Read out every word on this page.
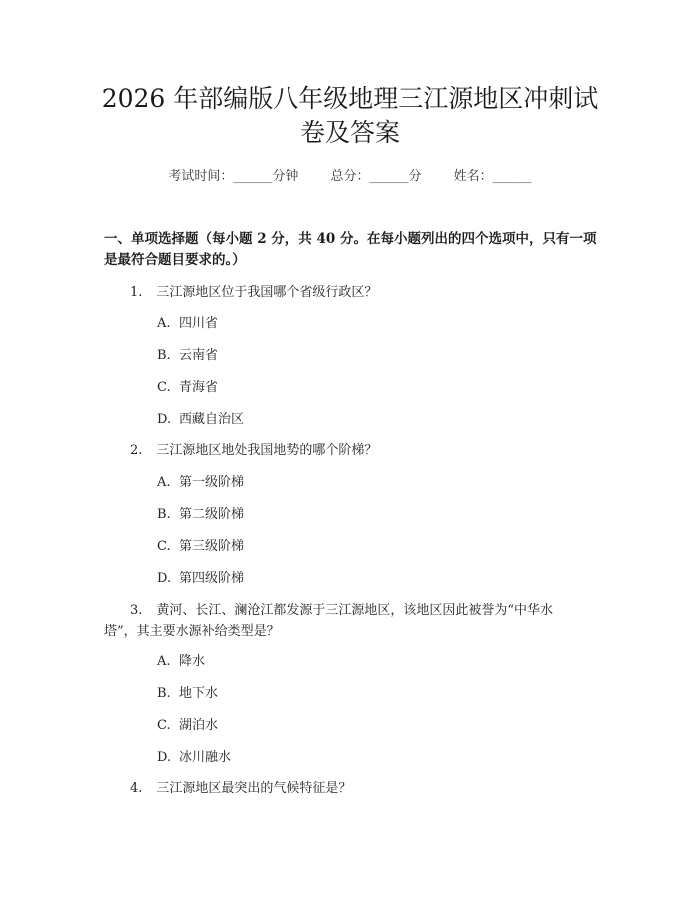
2026 年部编版八年级地理三江源地区冲刺试
卷及答案
考试时间：______分钟 总分：______分 姓名：______
一、单项选择题（每小题 2 分，共 40 分。在每小题列出的四个选项中，只有一项
是最符合题目要求的。）
1. 三江源地区位于我国哪个省级行政区？
A. 四川省
B. 云南省
C. 青海省
D. 西藏自治区
2. 三江源地区地处我国地势的哪个阶梯？
A. 第一级阶梯
B. 第二级阶梯
C. 第三级阶梯
D. 第四级阶梯
3. 黄河、长江、澜沧江都发源于三江源地区，该地区因此被誉为“中华水
塔”，其主要水源补给类型是？
A. 降水
B. 地下水
C. 湖泊水
D. 冰川融水
4. 三江源地区最突出的气候特征是？
